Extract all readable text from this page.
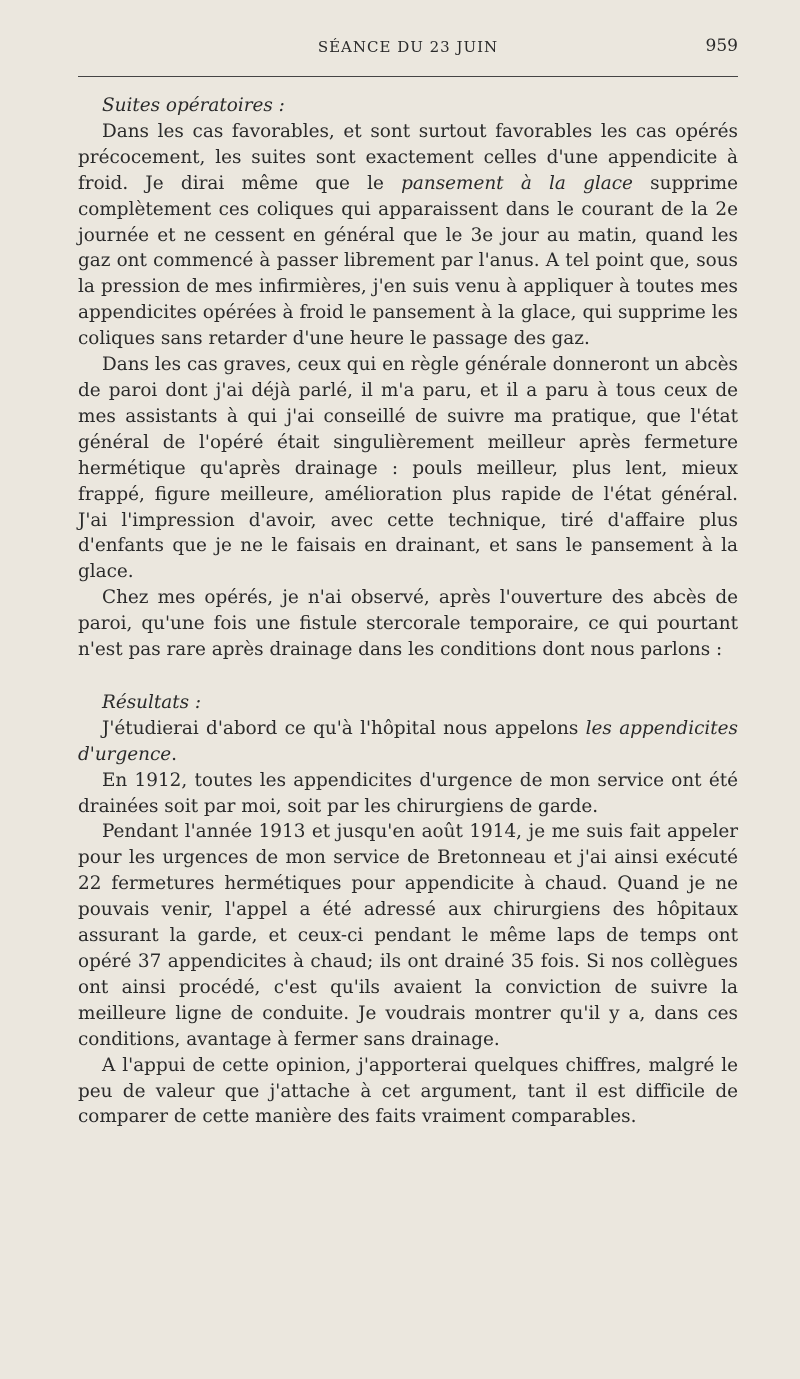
SÉANCE DU 23 JUIN	959

Suites opératoires :

Dans les cas favorables, et sont surtout favorables les cas opérés précocement, les suites sont exactement celles d'une appendicite à froid. Je dirai même que le pansement à la glace supprime complètement ces coliques qui apparaissent dans le courant de la 2e journée et ne cessent en général que le 3e jour au matin, quand les gaz ont commencé à passer librement par l'anus. A tel point que, sous la pression de mes infirmières, j'en suis venu à appliquer à toutes mes appendicites opérées à froid le pansement à la glace, qui supprime les coliques sans retarder d'une heure le passage des gaz.

Dans les cas graves, ceux qui en règle générale donneront un abcès de paroi dont j'ai déjà parlé, il m'a paru, et il a paru à tous ceux de mes assistants à qui j'ai conseillé de suivre ma pratique, que l'état général de l'opéré était singulièrement meilleur après fermeture hermétique qu'après drainage : pouls meilleur, plus lent, mieux frappé, figure meilleure, amélioration plus rapide de l'état général. J'ai l'impression d'avoir, avec cette technique, tiré d'affaire plus d'enfants que je ne le faisais en drainant, et sans le pansement à la glace.

Chez mes opérés, je n'ai observé, après l'ouverture des abcès de paroi, qu'une fois une fistule stercorale temporaire, ce qui pourtant n'est pas rare après drainage dans les conditions dont nous parlons :

Résultats :

J'étudierai d'abord ce qu'à l'hôpital nous appelons les appendicites d'urgence.

En 1912, toutes les appendicites d'urgence de mon service ont été drainées soit par moi, soit par les chirurgiens de garde.

Pendant l'année 1913 et jusqu'en août 1914, je me suis fait appeler pour les urgences de mon service de Bretonneau et j'ai ainsi exécuté 22 fermetures hermétiques pour appendicite à chaud. Quand je ne pouvais venir, l'appel a été adressé aux chirurgiens des hôpitaux assurant la garde, et ceux-ci pendant le même laps de temps ont opéré 37 appendicites à chaud; ils ont drainé 35 fois. Si nos collègues ont ainsi procédé, c'est qu'ils avaient la conviction de suivre la meilleure ligne de conduite. Je voudrais montrer qu'il y a, dans ces conditions, avantage à fermer sans drainage.

A l'appui de cette opinion, j'apporterai quelques chiffres, malgré le peu de valeur que j'attache à cet argument, tant il est difficile de comparer de cette manière des faits vraiment comparables.
